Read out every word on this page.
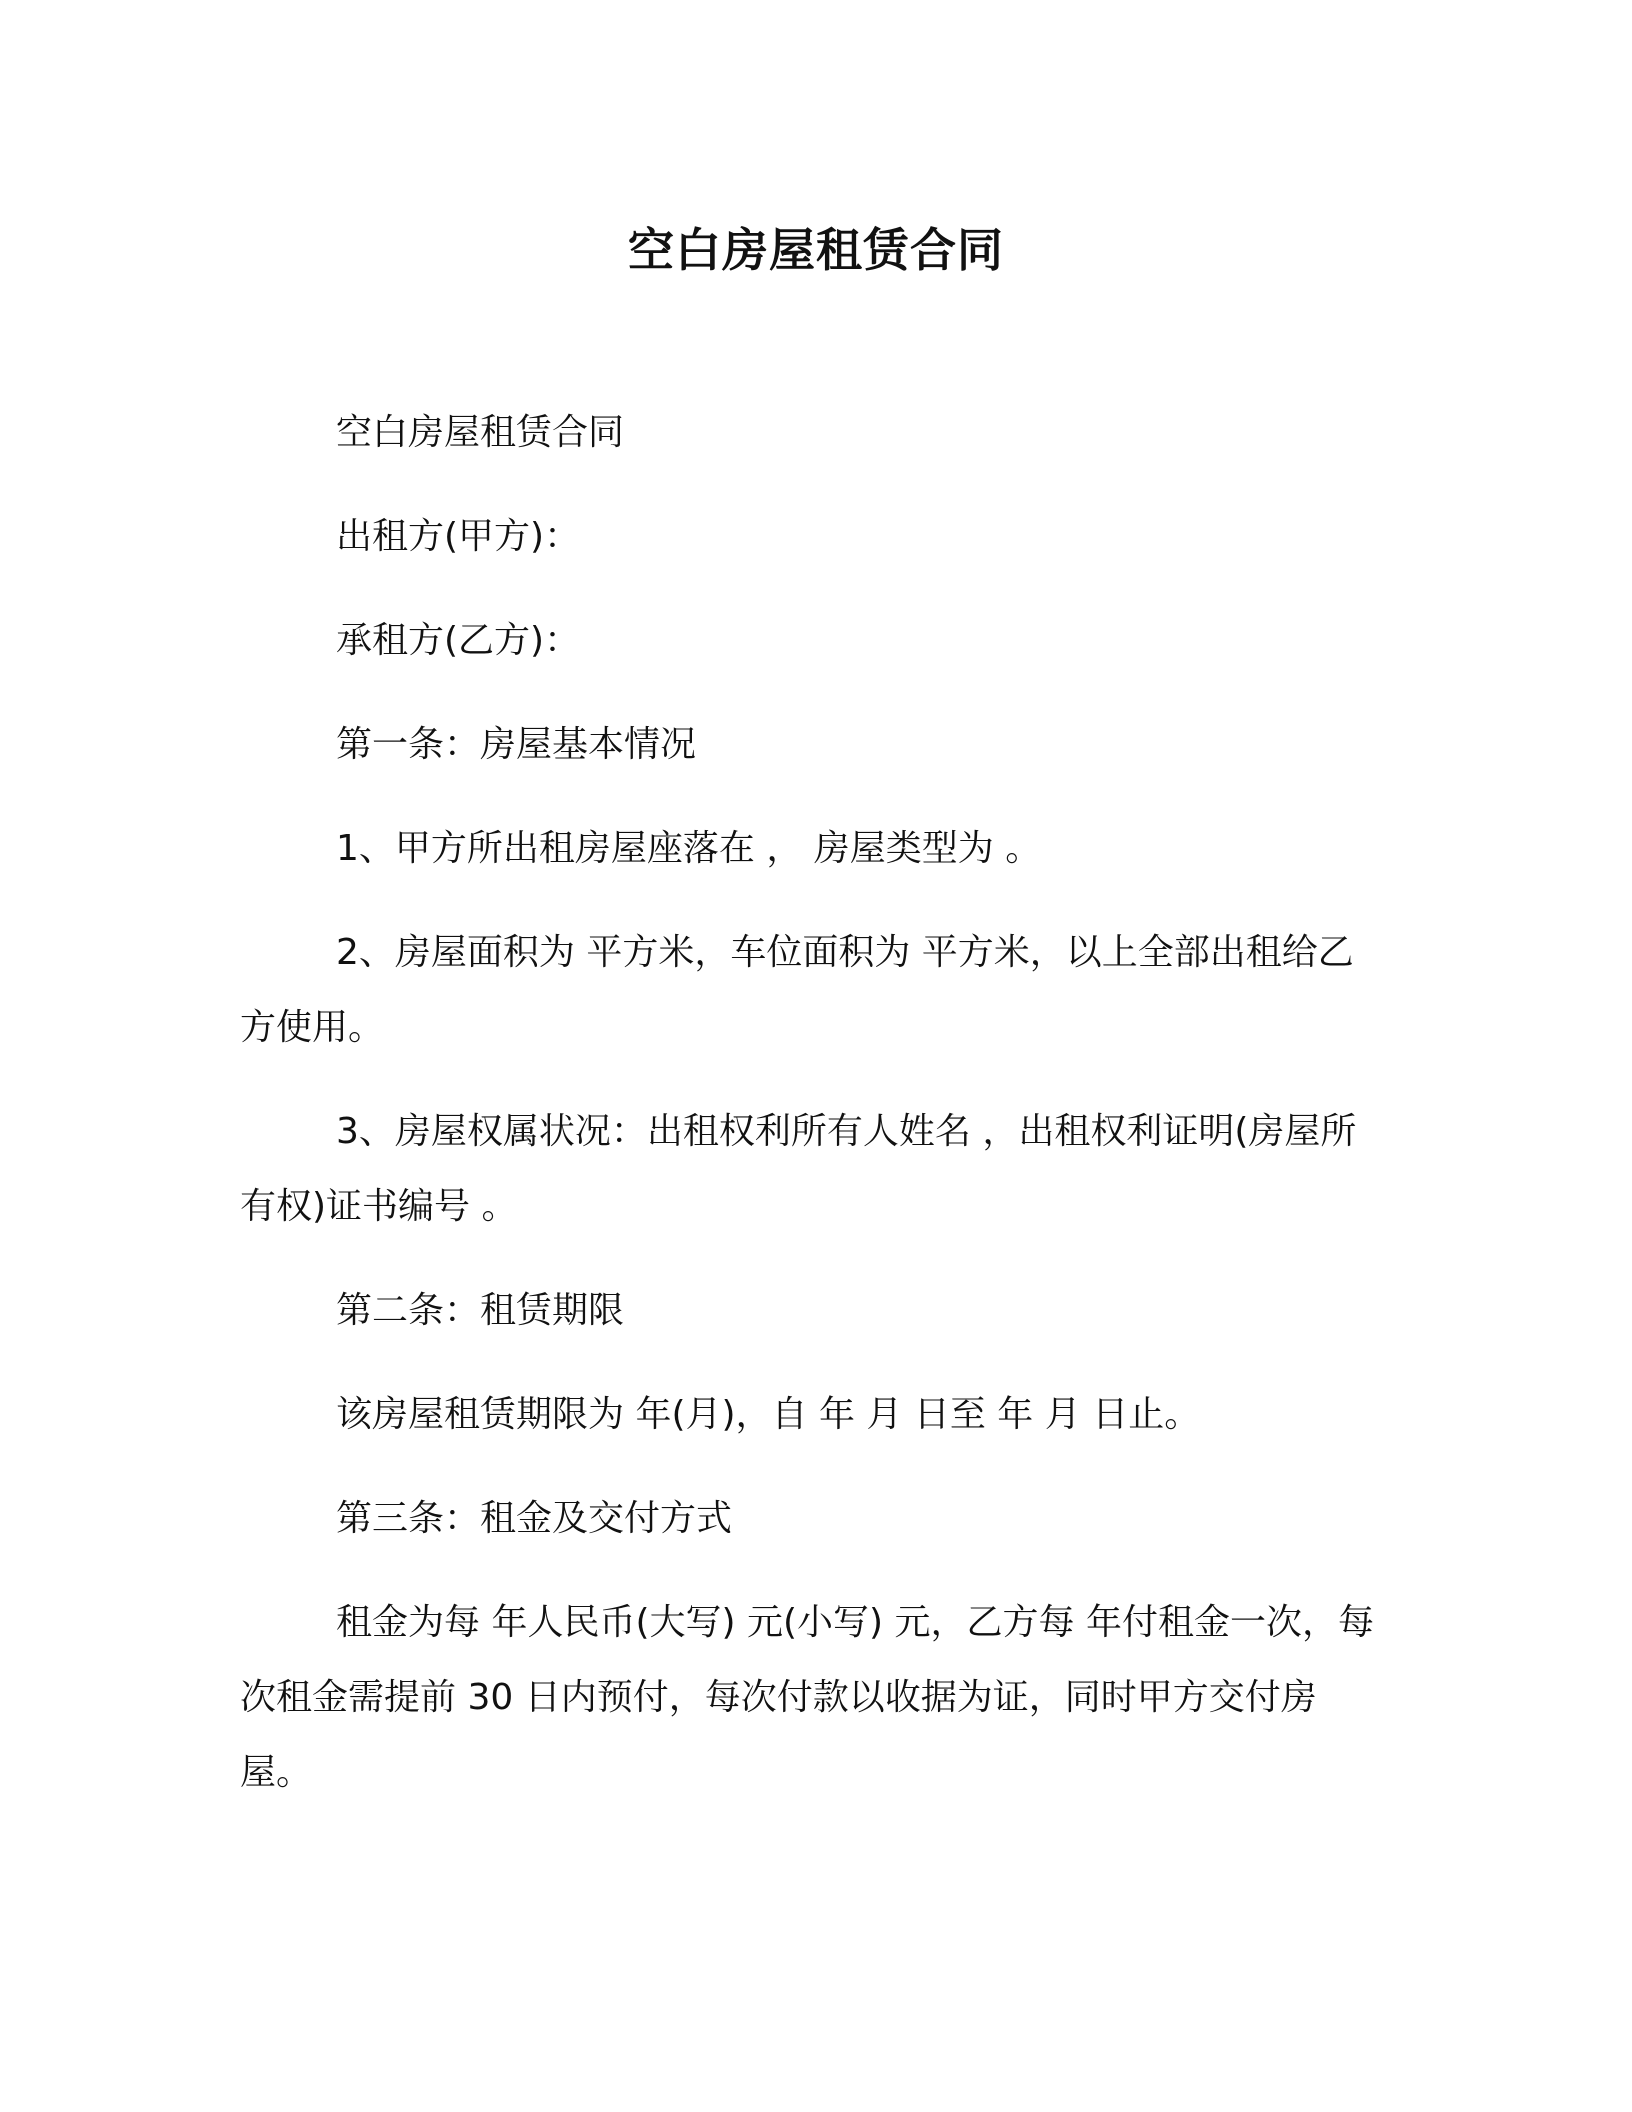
空白房屋租赁合同

空白房屋租赁合同

出租方(甲方)：

承租方(乙方)：

第一条：房屋基本情况

1、甲方所出租房屋座落在 ， 房屋类型为 。

2、房屋面积为 平方米，车位面积为 平方米，以上全部出租给乙方使用。

3、房屋权属状况：出租权利所有人姓名 ，出租权利证明(房屋所有权)证书编号 。

第二条：租赁期限

该房屋租赁期限为 年(月)，自 年 月 日至 年 月 日止。

第三条：租金及交付方式

租金为每 年人民币(大写) 元(小写) 元，乙方每 年付租金一次，每次租金需提前 30 日内预付，每次付款以收据为证，同时甲方交付房屋。
